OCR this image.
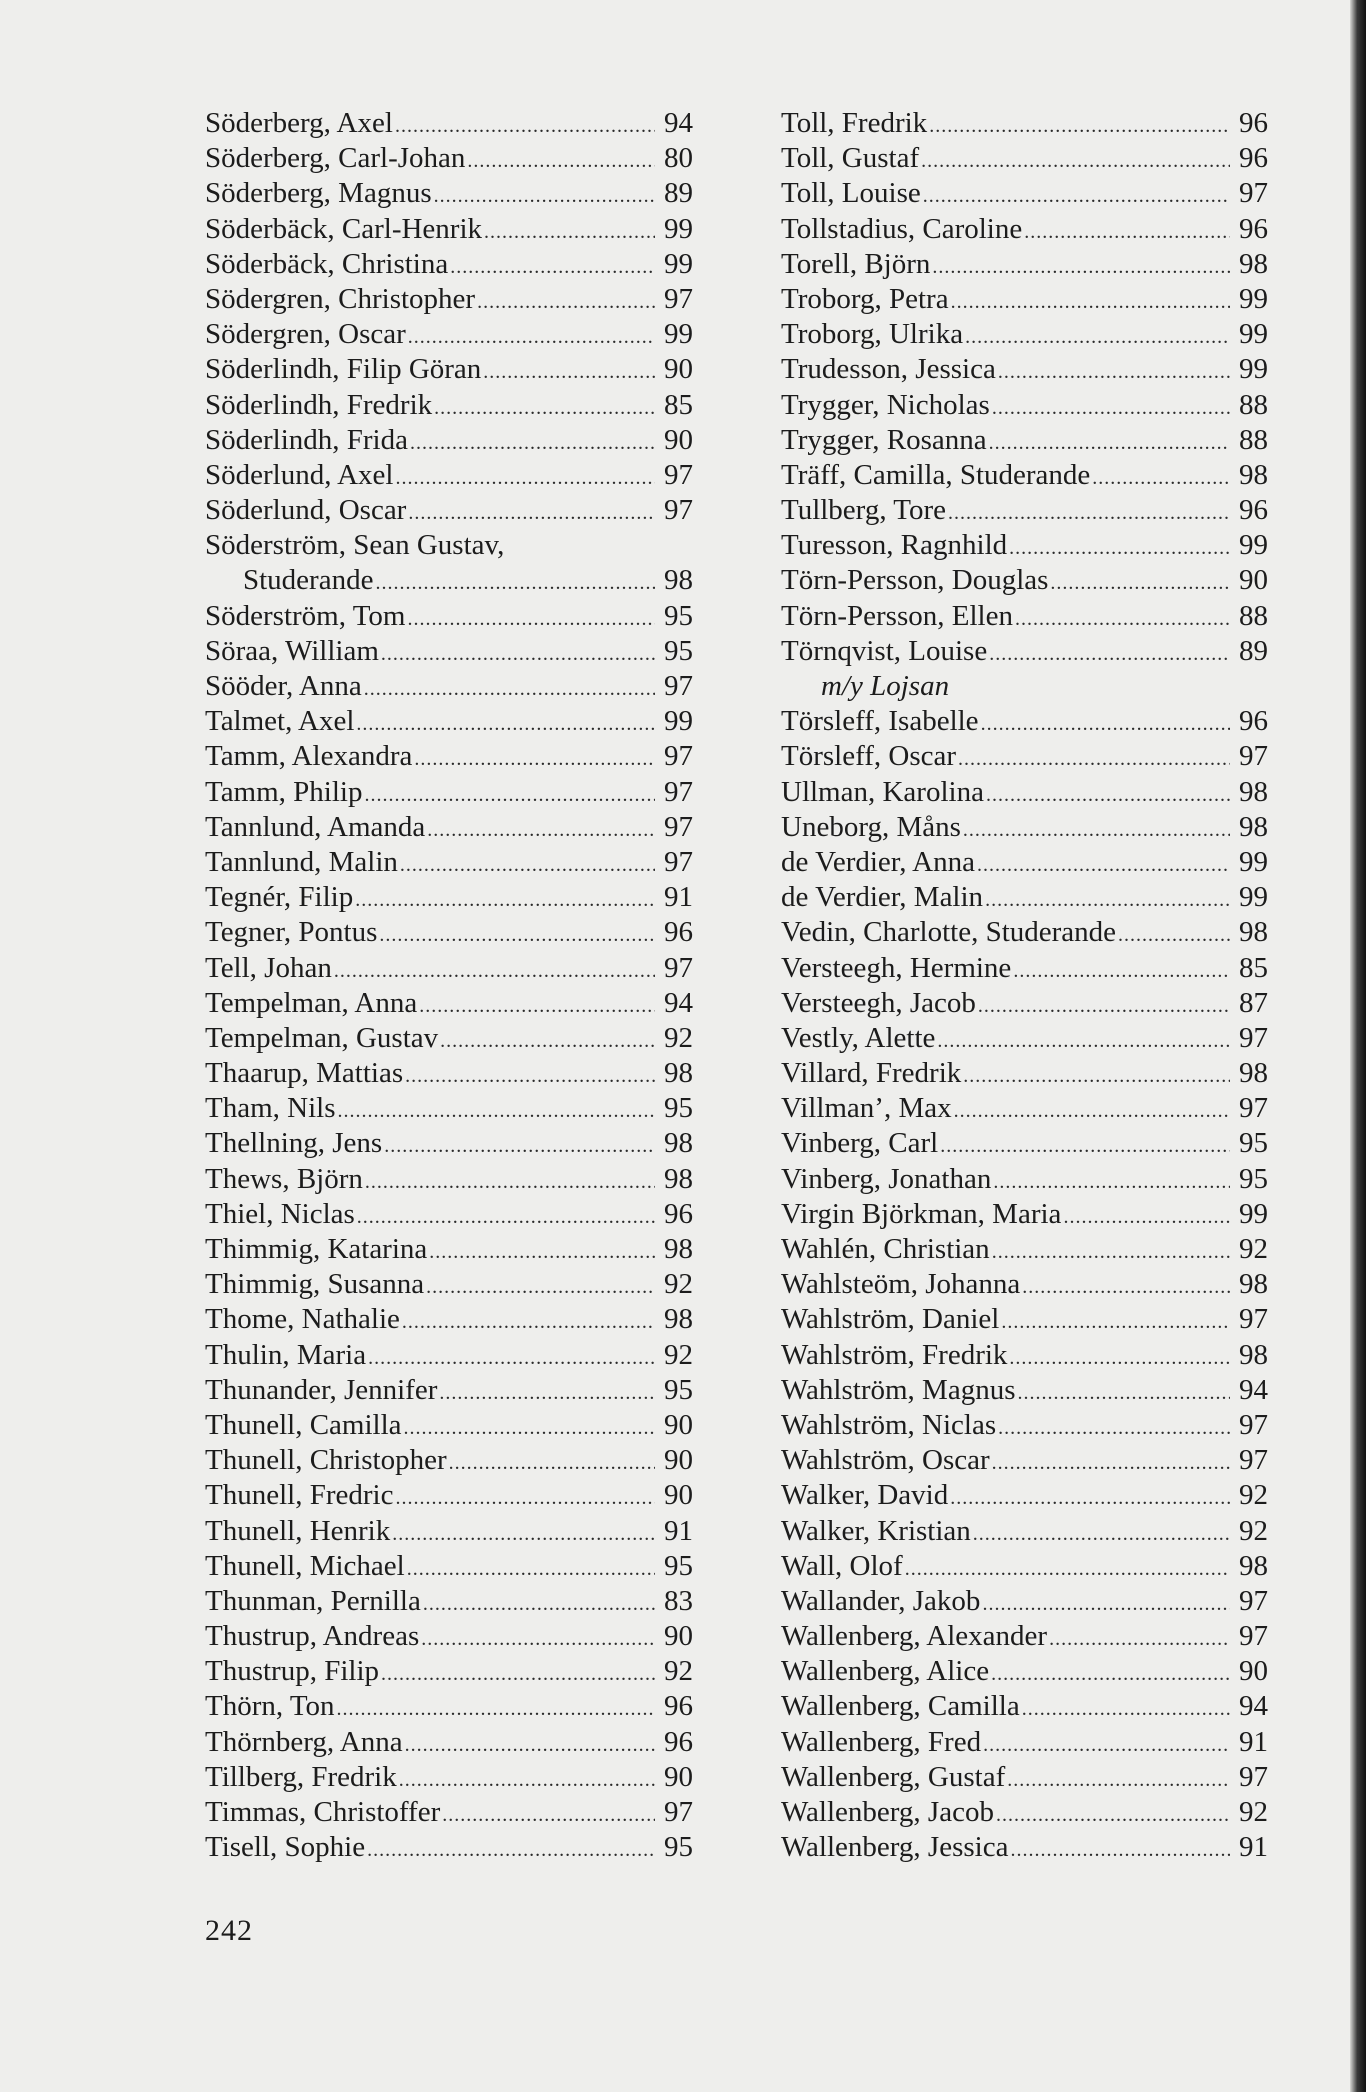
Söderberg, Axel .....	94
Söderberg, Carl-Johan .....	80
Söderberg, Magnus .....	89
Söderbäck, Carl-Henrik .....	99
Söderbäck, Christina .....	99
Södergren, Christopher .....	97
Södergren, Oscar .....	99
Söderlindh, Filip Göran .....	90
Söderlindh, Fredrik .....	85
Söderlindh, Frida .....	90
Söderlund, Axel .....	97
Söderlund, Oscar .....	97
Söderström, Sean Gustav,
Studerande .....	98
Söderström, Tom .....	95
Söraa, William .....	95
Sööder, Anna .....	97
Talmet, Axel .....	99
Tamm, Alexandra .....	97
Tamm, Philip .....	97
Tannlund, Amanda .....	97
Tannlund, Malin .....	97
Tegnér, Filip .....	91
Tegner, Pontus .....	96
Tell, Johan .....	97
Tempelman, Anna .....	94
Tempelman, Gustav .....	92
Thaarup, Mattias .....	98
Tham, Nils .....	95
Thellning, Jens .....	98
Thews, Björn .....	98
Thiel, Niclas .....	96
Thimmig, Katarina .....	98
Thimmig, Susanna .....	92
Thome, Nathalie .....	98
Thulin, Maria .....	92
Thunander, Jennifer .....	95
Thunell, Camilla .....	90
Thunell, Christopher .....	90
Thunell, Fredric .....	90
Thunell, Henrik .....	91
Thunell, Michael .....	95
Thunman, Pernilla .....	83
Thustrup, Andreas .....	90
Thustrup, Filip .....	92
Thörn, Ton .....	96
Thörnberg, Anna .....	96
Tillberg, Fredrik .....	90
Timmas, Christoffer .....	97
Tisell, Sophie .....	95
Toll, Fredrik .....	96
Toll, Gustaf .....	96
Toll, Louise .....	97
Tollstadius, Caroline .....	96
Torell, Björn .....	98
Troborg, Petra .....	99
Troborg, Ulrika .....	99
Trudesson, Jessica .....	99
Trygger, Nicholas .....	88
Trygger, Rosanna .....	88
Träff, Camilla, Studerande .....	98
Tullberg, Tore .....	96
Turesson, Ragnhild .....	99
Törn-Persson, Douglas .....	90
Törn-Persson, Ellen .....	88
Törnqvist, Louise .....	89
m/y Lojsan
Törsleff, Isabelle .....	96
Törsleff, Oscar .....	97
Ullman, Karolina .....	98
Uneborg, Måns .....	98
de Verdier, Anna .....	99
de Verdier, Malin .....	99
Vedin, Charlotte, Studerande .....	98
Versteegh, Hermine .....	85
Versteegh, Jacob .....	87
Vestly, Alette .....	97
Villard, Fredrik .....	98
Villman’, Max .....	97
Vinberg, Carl .....	95
Vinberg, Jonathan .....	95
Virgin Björkman, Maria .....	99
Wahlén, Christian .....	92
Wahlsteöm, Johanna .....	98
Wahlström, Daniel .....	97
Wahlström, Fredrik .....	98
Wahlström, Magnus .....	94
Wahlström, Niclas .....	97
Wahlström, Oscar .....	97
Walker, David .....	92
Walker, Kristian .....	92
Wall, Olof .....	98
Wallander, Jakob .....	97
Wallenberg, Alexander .....	97
Wallenberg, Alice .....	90
Wallenberg, Camilla .....	94
Wallenberg, Fred .....	91
Wallenberg, Gustaf .....	97
Wallenberg, Jacob .....	92
Wallenberg, Jessica .....	91
242
